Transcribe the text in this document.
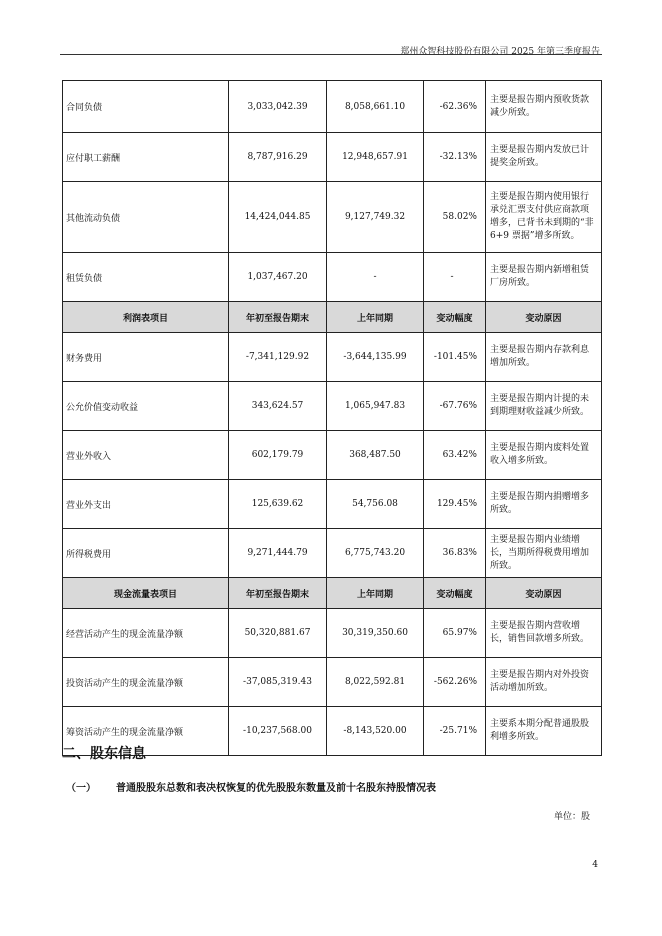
郑州众智科技股份有限公司 2025 年第三季度报告
合同负债	3,033,042.39	8,058,661.10	-62.36%	主要是报告期内预收货款减少所致。
应付职工薪酬	8,787,916.29	12,948,657.91	-32.13%	主要是报告期内发放已计提奖金所致。
其他流动负债	14,424,044.85	9,127,749.32	58.02%	主要是报告期内使用银行承兑汇票支付供应商款项增多，已背书未到期的“非6+9 票据”增多所致。
租赁负债	1,037,467.20	-	-	主要是报告期内新增租赁厂房所致。
利润表项目	年初至报告期末	上年同期	变动幅度	变动原因
财务费用	-7,341,129.92	-3,644,135.99	-101.45%	主要是报告期内存款利息增加所致。
公允价值变动收益	343,624.57	1,065,947.83	-67.76%	主要是报告期内计提的未到期理财收益减少所致。
营业外收入	602,179.79	368,487.50	63.42%	主要是报告期内废料处置收入增多所致。
营业外支出	125,639.62	54,756.08	129.45%	主要是报告期内捐赠增多所致。
所得税费用	9,271,444.79	6,775,743.20	36.83%	主要是报告期内业绩增长，当期所得税费用增加所致。
现金流量表项目	年初至报告期末	上年同期	变动幅度	变动原因
经营活动产生的现金流量净额	50,320,881.67	30,319,350.60	65.97%	主要是报告期内营收增长，销售回款增多所致。
投资活动产生的现金流量净额	-37,085,319.43	8,022,592.81	-562.26%	主要是报告期内对外投资活动增加所致。
筹资活动产生的现金流量净额	-10,237,568.00	-8,143,520.00	-25.71%	主要系本期分配普通股股利增多所致。
二、股东信息
（一） 普通股股东总数和表决权恢复的优先股股东数量及前十名股东持股情况表
单位：股
4
